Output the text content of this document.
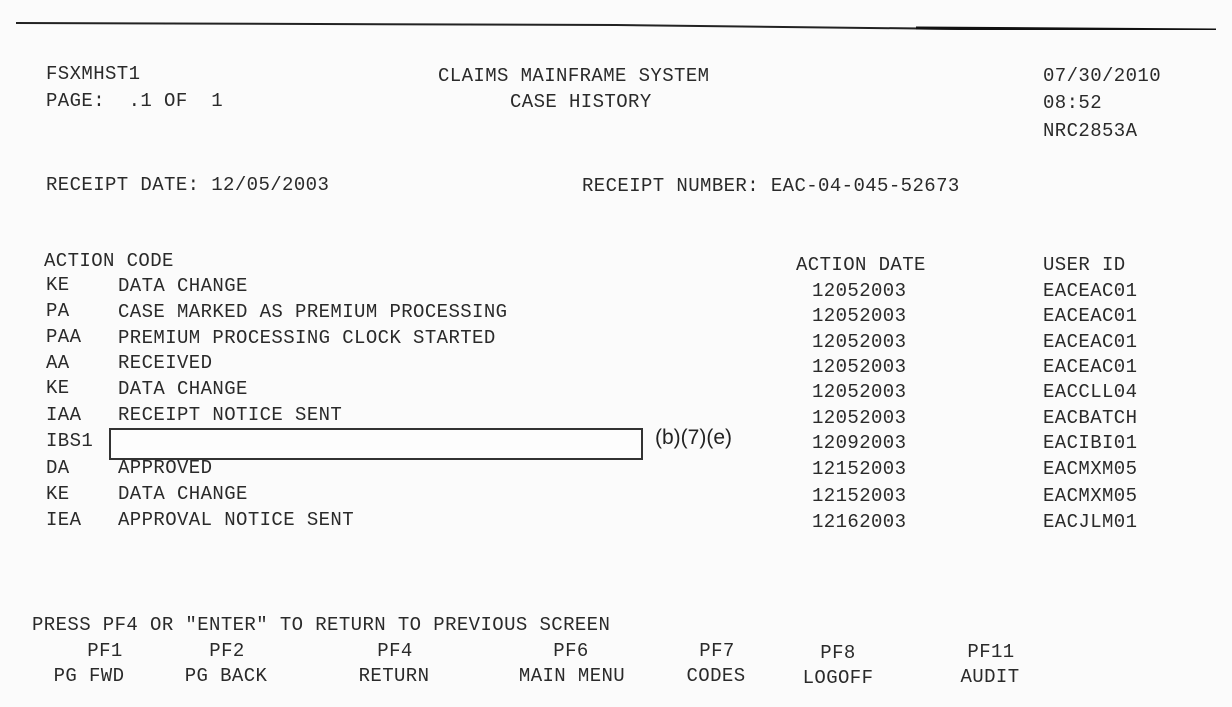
FSXMHST1
PAGE: .1 OF 1
CLAIMS MAINFRAME SYSTEM
CASE HISTORY
07/30/2010
08:52
NRC2853A
RECEIPT DATE: 12/05/2003	RECEIPT NUMBER: EAC-04-045-52673
ACTION CODE	ACTION DATE	USER ID
KE	DATA CHANGE	12052003	EACEAC01
PA	CASE MARKED AS PREMIUM PROCESSING	12052003	EACEAC01
PAA PREMIUM PROCESSING CLOCK STARTED	12052003	EACEAC01
AA	RECEIVED	12052003	EACEAC01
KE	DATA CHANGE	12052003	EACCLL04
IAA RECEIPT NOTICE SENT	12052003	EACBATCH
IBS1	(b)(7)(e)	12092003	EACIBI01
DA	APPROVED	12152003	EACMXM05
KE	DATA CHANGE	12152003	EACMXM05
IEA APPROVAL NOTICE SENT	12162003	EACJLM01
PRESS PF4 OR "ENTER" TO RETURN TO PREVIOUS SCREEN
PF1
PG FWD
PF2
PG BACK
PF4
RETURN
PF6
MAIN MENU
PF7
CODES
PF8
LOGOFF
PF11
AUDIT
